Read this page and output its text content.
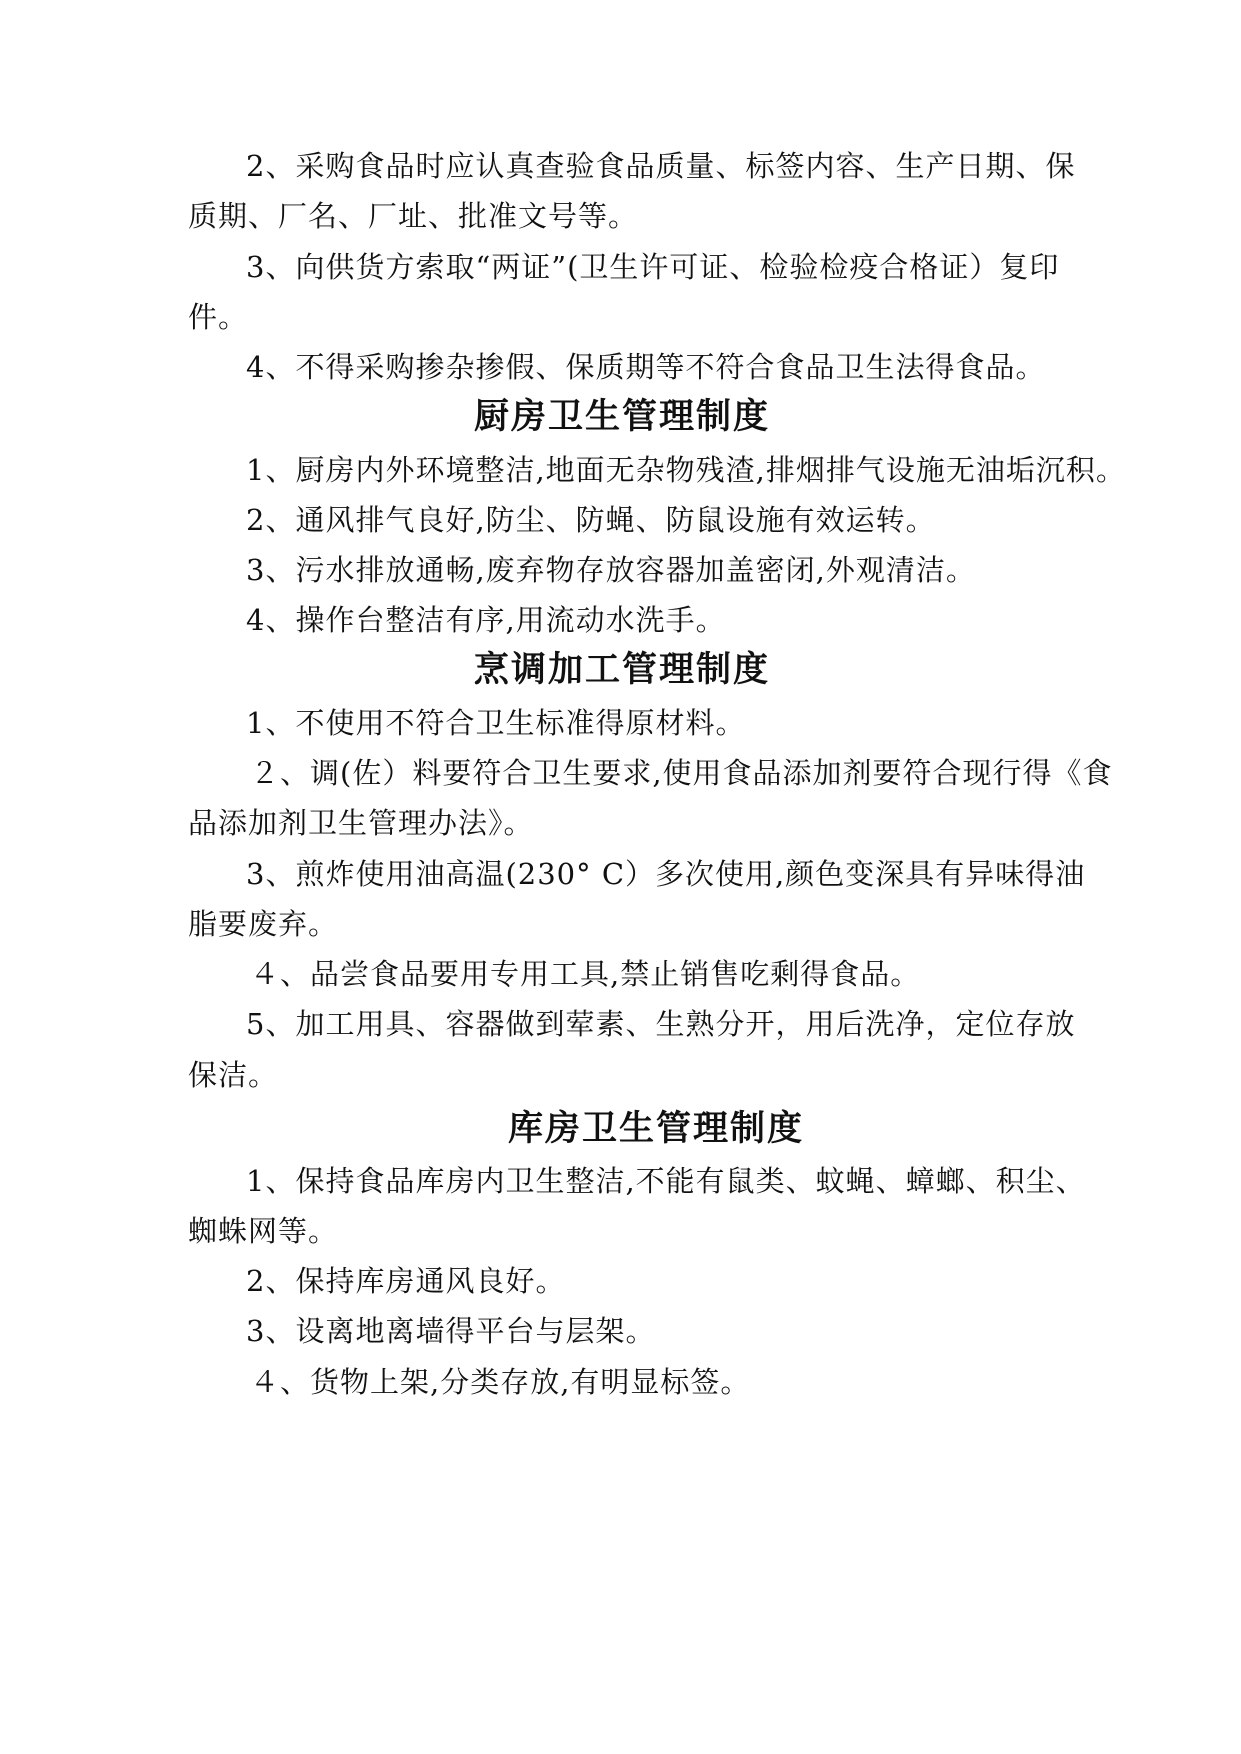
2、采购食品时应认真查验食品质量、标签内容、生产日期、保
质期、厂名、厂址、批准文号等。
3、向供货方索取“两证”(卫生许可证、检验检疫合格证）复印
件。
4、不得采购掺杂掺假、保质期等不符合食品卫生法得食品。
厨房卫生管理制度
1、厨房内外环境整洁,地面无杂物残渣,排烟排气设施无油垢沉积。
2、通风排气良好,防尘、防蝇、防鼠设施有效运转。
3、污水排放通畅,废弃物存放容器加盖密闭,外观清洁。
4、操作台整洁有序,用流动水洗手。
烹调加工管理制度
1、不使用不符合卫生标准得原材料。
２、调(佐）料要符合卫生要求,使用食品添加剂要符合现行得《食
品添加剂卫生管理办法》。
3、煎炸使用油高温(230° C）多次使用,颜色变深具有异味得油
脂要废弃。
４、品尝食品要用专用工具,禁止销售吃剩得食品。
5、加工用具、容器做到荤素、生熟分开，用后洗净，定位存放
保洁。
库房卫生管理制度
1、保持食品库房内卫生整洁,不能有鼠类、蚊蝇、蟑螂、积尘、
蜘蛛网等。
2、保持库房通风良好。
3、设离地离墙得平台与层架。
４、货物上架,分类存放,有明显标签。
